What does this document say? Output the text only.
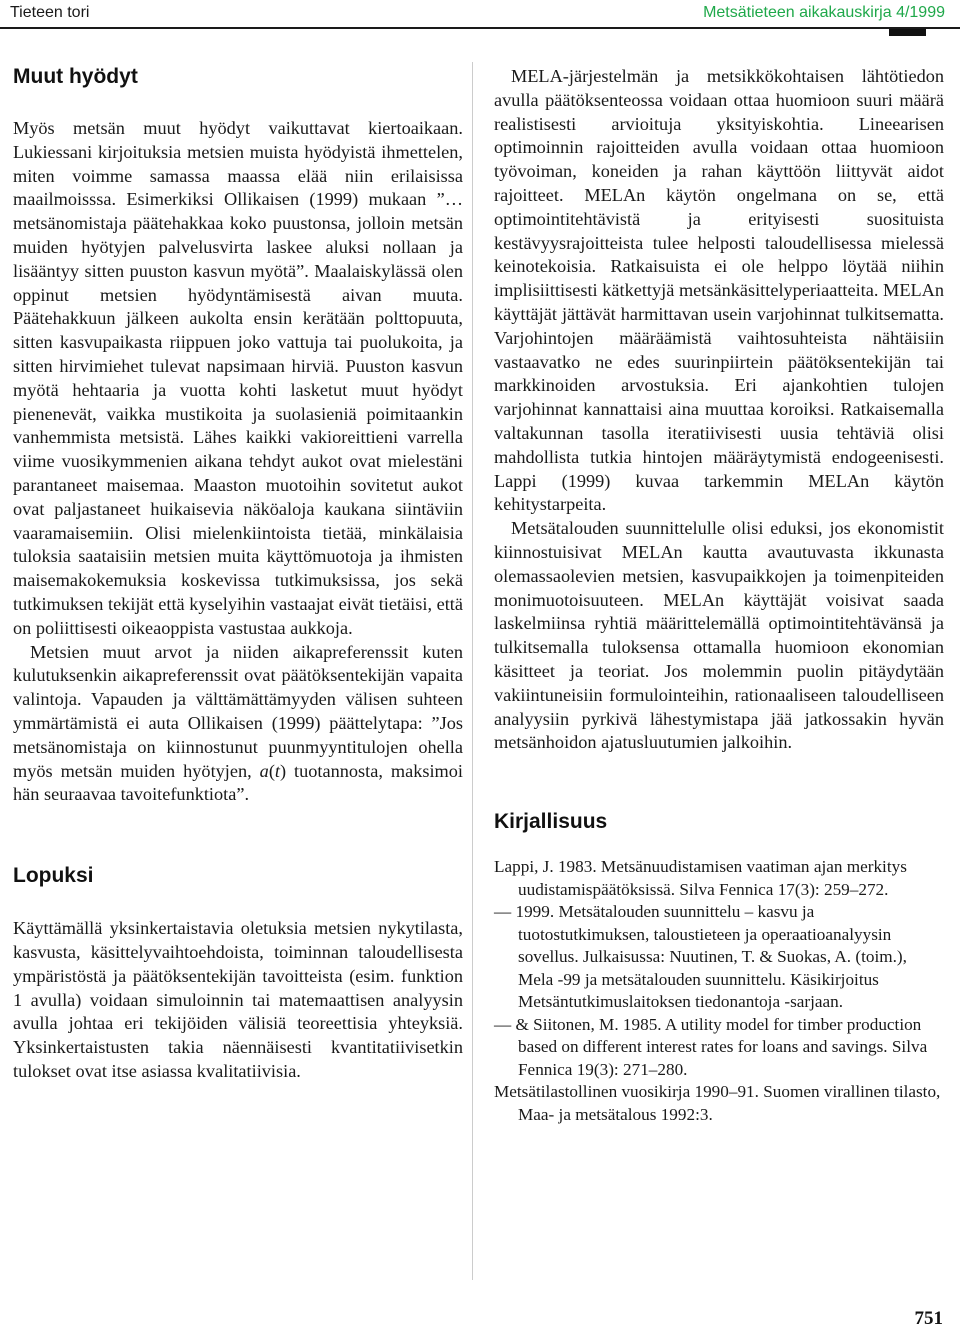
Tieteen tori	Metsätieteen aikakauskirja 4/1999
Muut hyödyt

Myös metsän muut hyödyt vaikuttavat kiertoaikaan. Lukiessani kirjoituksia metsien muista hyödyistä ihmettelen, miten voimme samassa maassa elää niin erilaisissa maailmoisssa. Esimerkiksi Ollikaisen (1999) mukaan ”… metsänomistaja päätehakkaa koko puustonsa, jolloin metsän muiden hyötyjen palvelusvirta laskee aluksi nollaan ja lisääntyy sitten puuston kasvun myötä”. Maalaiskylässä olen oppinut metsien hyödyntämisestä aivan muuta. Päätehakkuun jälkeen aukolta ensin kerätään polttopuuta, sitten kasvupaikasta riippuen joko vattuja tai puolukoita, ja sitten hirvimiehet tulevat napsimaan hirviä. Puuston kasvun myötä hehtaaria ja vuotta kohti lasketut muut hyödyt pienenevät, vaikka mustikoita ja suolasieniä poimitaankin vanhemmista metsistä. Lähes kaikki vakioreittieni varrella viime vuosikymmenien aikana tehdyt aukot ovat mielestäni parantaneet maisemaa. Maaston muotoihin sovitetut aukot ovat paljastaneet huikaisevia näköaloja kaukana siintäviin vaaramaisemiin. Olisi mielenkiintoista tietää, minkälaisia tuloksia saataisiin metsien muita käyttömuotoja ja ihmisten maisemakokemuksia koskevissa tutkimuksissa, jos sekä tutkimuksen tekijät että kyselyihin vastaajat eivät tietäisi, että on poliittisesti oikeaoppista vastustaa aukkoja.

Metsien muut arvot ja niiden aikapreferenssit kuten kulutuksenkin aikapreferenssit ovat päätöksentekijän vapaita valintoja. Vapauden ja välttämättämyyden välisen suhteen ymmärtämistä ei auta Ollikaisen (1999) päättelytapa: ”Jos metsänomistaja on kiinnostunut puunmyyntitulojen ohella myös metsän muiden hyötyjen, a(t) tuotannosta, maksimoi hän seuraavaa tavoitefunktiota”.

Lopuksi

Käyttämällä yksinkertaistavia oletuksia metsien nykytilasta, kasvusta, käsittelyvaihtoehdoista, toiminnan taloudellisesta ympäristöstä ja päätöksentekijän tavoitteista (esim. funktion 1 avulla) voidaan simuloinnin tai matemaattisen analyysin avulla johtaa eri tekijöiden välisiä teoreettisia yhteyksiä. Yksinkertaistusten takia näennäisesti kvantitatiivisetkin tulokset ovat itse asiassa kvalitatiivisia.

MELA-järjestelmän ja metsikkökohtaisen lähtötiedon avulla päätöksenteossa voidaan ottaa huomioon suuri määrä realistisesti arvioituja yksityiskohtia. Lineearisen optimoinnin rajoitteiden avulla voidaan ottaa huomioon työvoiman, koneiden ja rahan käyttöön liittyvät aidot rajoitteet. MELAn käytön ongelmana on se, että optimointitehtävistä ja erityisesti suosituista kestävyysrajoitteista tulee helposti taloudellisessa mielessä keinotekoisia. Ratkaisuista ei ole helppo löytää niihin implisiittisesti kätkettyjä metsänkäsittelyperiaatteita. MELAn käyttäjät jättävät harmittavan usein varjohinnat tulkitsematta. Varjohintojen määräämistä vaihtosuhteista nähtäisiin vastaavatko ne edes suurinpiirtein päätöksentekijän tai markkinoiden arvostuksia. Eri ajankohtien tulojen varjohinnat kannattaisi aina muuttaa koroiksi. Ratkaisemalla valtakunnan tasolla iteratiivisesti uusia tehtäviä olisi mahdollista tutkia hintojen määräytymistä endogeenisesti. Lappi (1999) kuvaa tarkemmin MELAn käytön kehitystarpeita.

Metsätalouden suunnittelulle olisi eduksi, jos ekonomistit kiinnostuisivat MELAn kautta avautuvasta ikkunasta olemassaolevien metsien, kasvupaikkojen ja toimenpiteiden monimuotoisuuteen. MELAn käyttäjät voisivat saada laskelmiinsa ryhtiä määrittelemällä optimointitehtävänsä ja tulkitsemalla tuloksensa ottamalla huomioon ekonomian käsitteet ja teoriat. Jos molemmin puolin pitäydytään vakiintuneisiin formulointeihin, rationaaliseen taloudelliseen analyysiin pyrkivä lähestymistapa jää jatkossakin hyvän metsänhoidon ajatusluutumien jalkoihin.

Kirjallisuus

Lappi, J. 1983. Metsänuudistamisen vaatiman ajan merkitys uudistamispäätöksissä. Silva Fennica 17(3): 259–272.

— 1999. Metsätalouden suunnittelu – kasvu ja tuotostutkimuksen, taloustieteen ja operaatioanalyysin sovellus. Julkaisussa: Nuutinen, T. & Suokas, A. (toim.), Mela -99 ja metsätalouden suunnittelu. Käsikirjoitus Metsäntutkimuslaitoksen tiedonantoja -sarjaan.

— & Siitonen, M. 1985. A utility model for timber production based on different interest rates for loans and savings. Silva Fennica 19(3): 271–280.

Metsätilastollinen vuosikirja 1990–91. Suomen virallinen tilasto, Maa- ja metsätalous 1992:3.

751
